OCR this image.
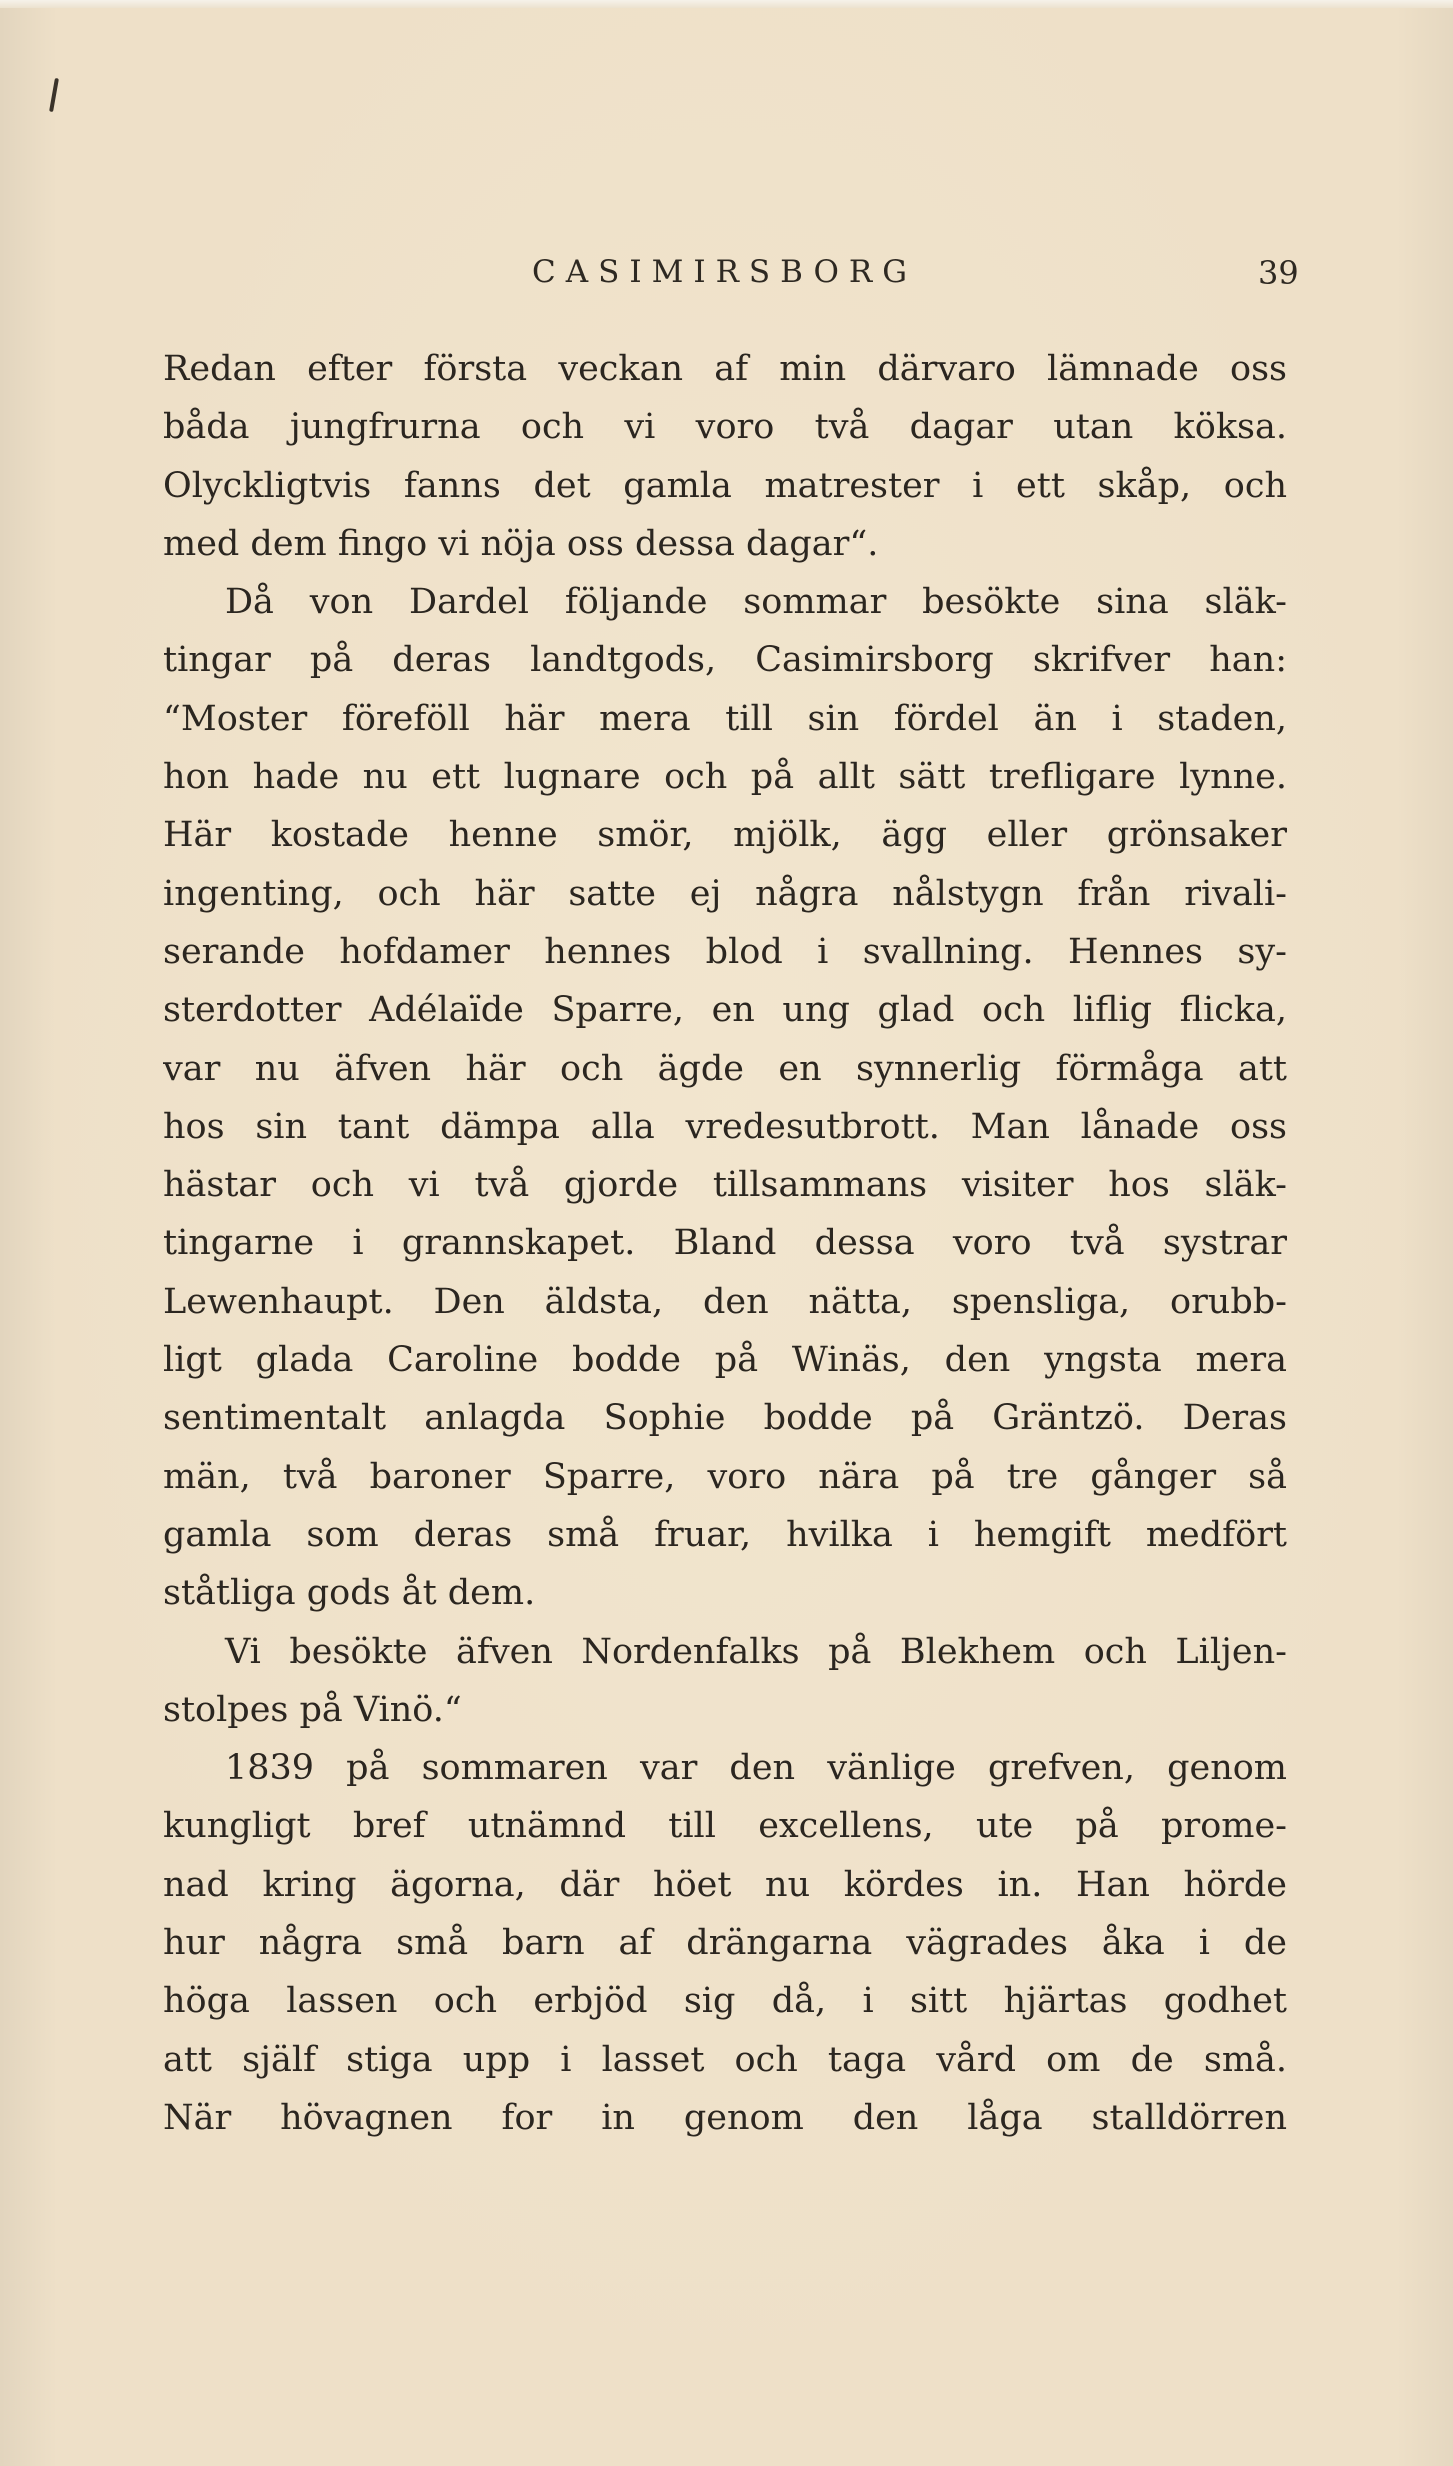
CASIMIRSBORG	39
Redan efter första veckan af min därvaro lämnade oss
båda jungfrurna och vi voro två dagar utan köksa.
Olyckligtvis fanns det gamla matrester i ett skåp, och
med dem fingo vi nöja oss dessa dagar“.
Då von Dardel följande sommar besökte sina släk-
tingar på deras landtgods, Casimirsborg skrifver han:
“Moster föreföll här mera till sin fördel än i staden,
hon hade nu ett lugnare och på allt sätt trefligare lynne.
Här kostade henne smör, mjölk, ägg eller grönsaker
ingenting, och här satte ej några nålstygn från rivali-
serande hofdamer hennes blod i svallning. Hennes sy-
sterdotter Adélaïde Sparre, en ung glad och liflig flicka,
var nu äfven här och ägde en synnerlig förmåga att
hos sin tant dämpa alla vredesutbrott. Man lånade oss
hästar och vi två gjorde tillsammans visiter hos släk-
tingarne i grannskapet. Bland dessa voro två systrar
Lewenhaupt. Den äldsta, den nätta, spensliga, orubb-
ligt glada Caroline bodde på Winäs, den yngsta mera
sentimentalt anlagda Sophie bodde på Gräntzö. Deras
män, två baroner Sparre, voro nära på tre gånger så
gamla som deras små fruar, hvilka i hemgift medfört
ståtliga gods åt dem.
Vi besökte äfven Nordenfalks på Blekhem och Liljen-
stolpes på Vinö.“
1839 på sommaren var den vänlige grefven, genom
kungligt bref utnämnd till excellens, ute på prome-
nad kring ägorna, där höet nu kördes in. Han hörde
hur några små barn af drängarna vägrades åka i de
höga lassen och erbjöd sig då, i sitt hjärtas godhet
att själf stiga upp i lasset och taga vård om de små.
När hövagnen for in genom den låga stalldörren
